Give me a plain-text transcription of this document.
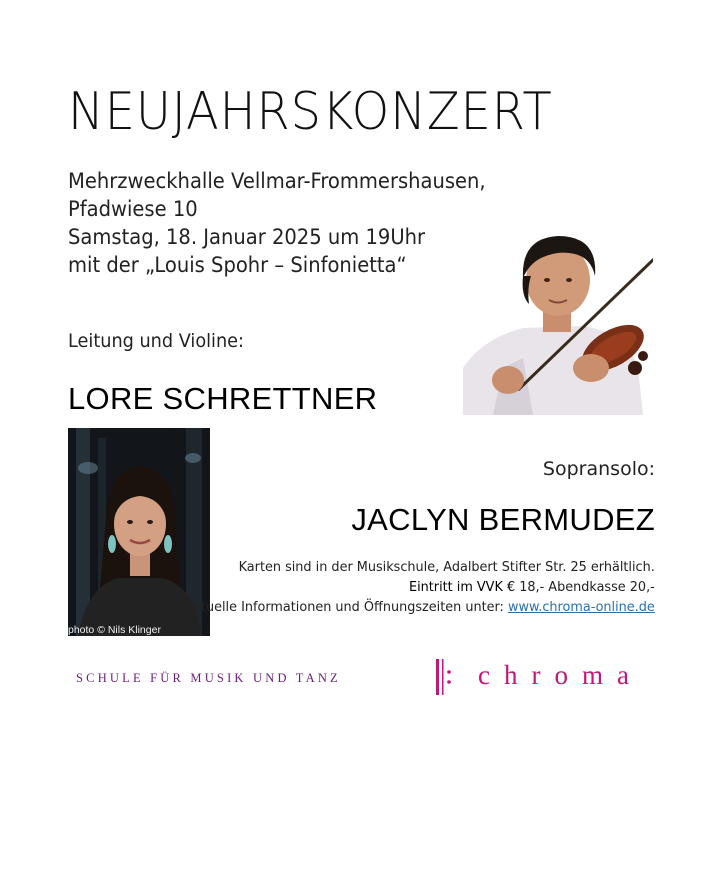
NEUJAHRSKONZERT
Mehrzweckhalle Vellmar-Frommershausen,
Pfadwiese 10
Samstag, 18. Januar 2025 um 19Uhr
mit der „Louis Spohr – Sinfonietta“
Leitung und Violine:
LORE SCHRETTNER
photo © Nils Klinger
Sopransolo:
JACLYN BERMUDEZ
Karten sind in der Musikschule, Adalbert Stifter Str. 25 erhältlich.
Eintritt im VVK € 18,- Abendkasse 20,-
Aktuelle Informationen und Öffnungszeiten unter: www.chroma-online.de
SCHULE FÜR MUSIK UND TANZ	chroma
